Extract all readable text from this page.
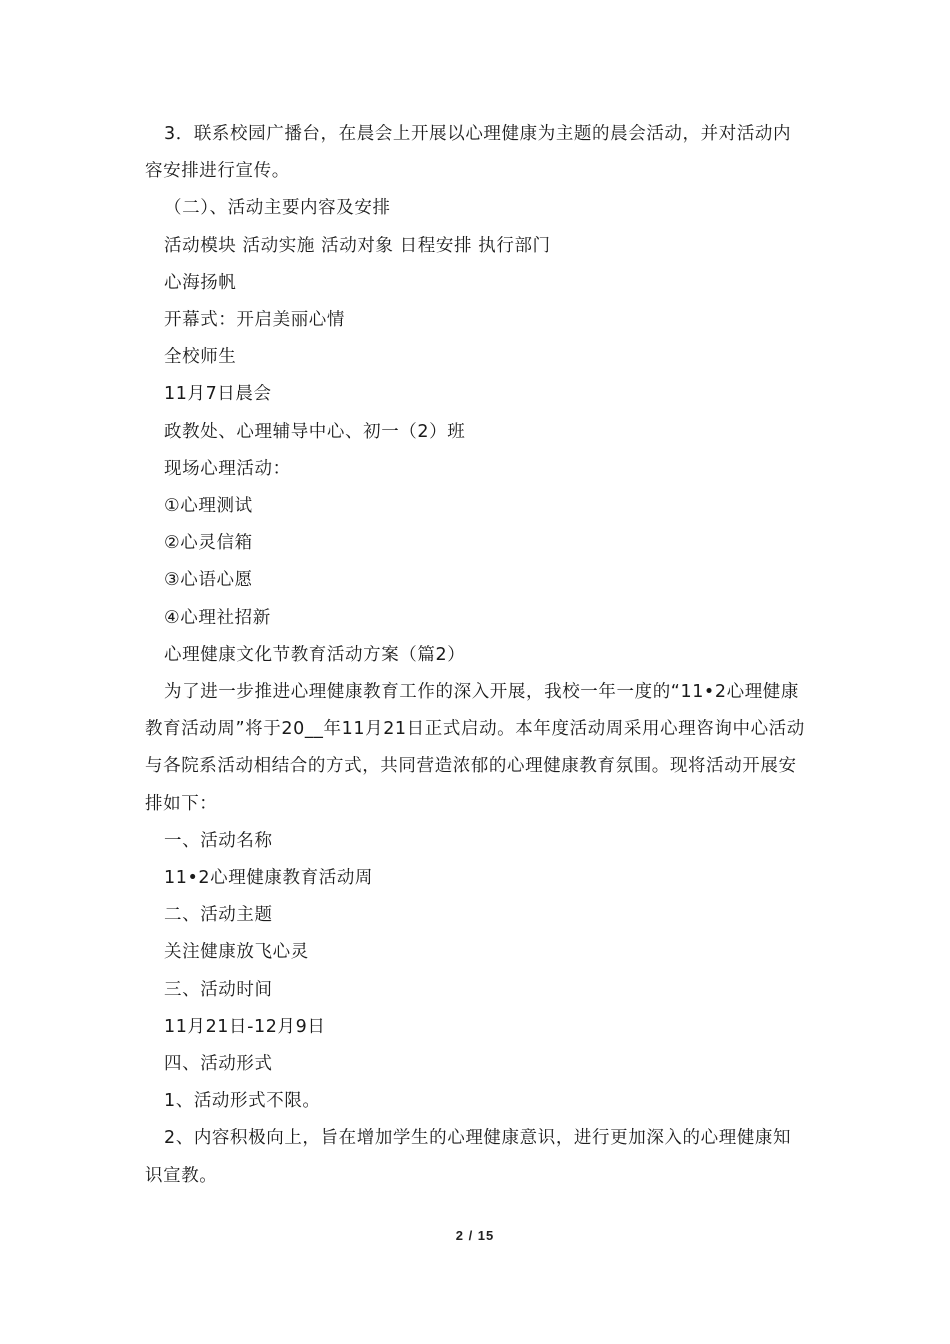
3．联系校园广播台，在晨会上开展以心理健康为主题的晨会活动，并对活动内容安排进行宣传。

（二）、活动主要内容及安排

活动模块 活动实施 活动对象 日程安排 执行部门

心海扬帆

开幕式：开启美丽心情

全校师生

11月7日晨会

政教处、心理辅导中心、初一（2）班

现场心理活动：

①心理测试

②心灵信箱

③心语心愿

④心理社招新

心理健康文化节教育活动方案（篇2）

为了进一步推进心理健康教育工作的深入开展，我校一年一度的“11•2心理健康教育活动周”将于20__年11月21日正式启动。本年度活动周采用心理咨询中心活动与各院系活动相结合的方式，共同营造浓郁的心理健康教育氛围。现将活动开展安排如下：

一、活动名称

11•2心理健康教育活动周

二、活动主题

关注健康放飞心灵

三、活动时间

11月21日-12月9日

四、活动形式

1、活动形式不限。

2、内容积极向上，旨在增加学生的心理健康意识，进行更加深入的心理健康知识宣教。

2 / 15
